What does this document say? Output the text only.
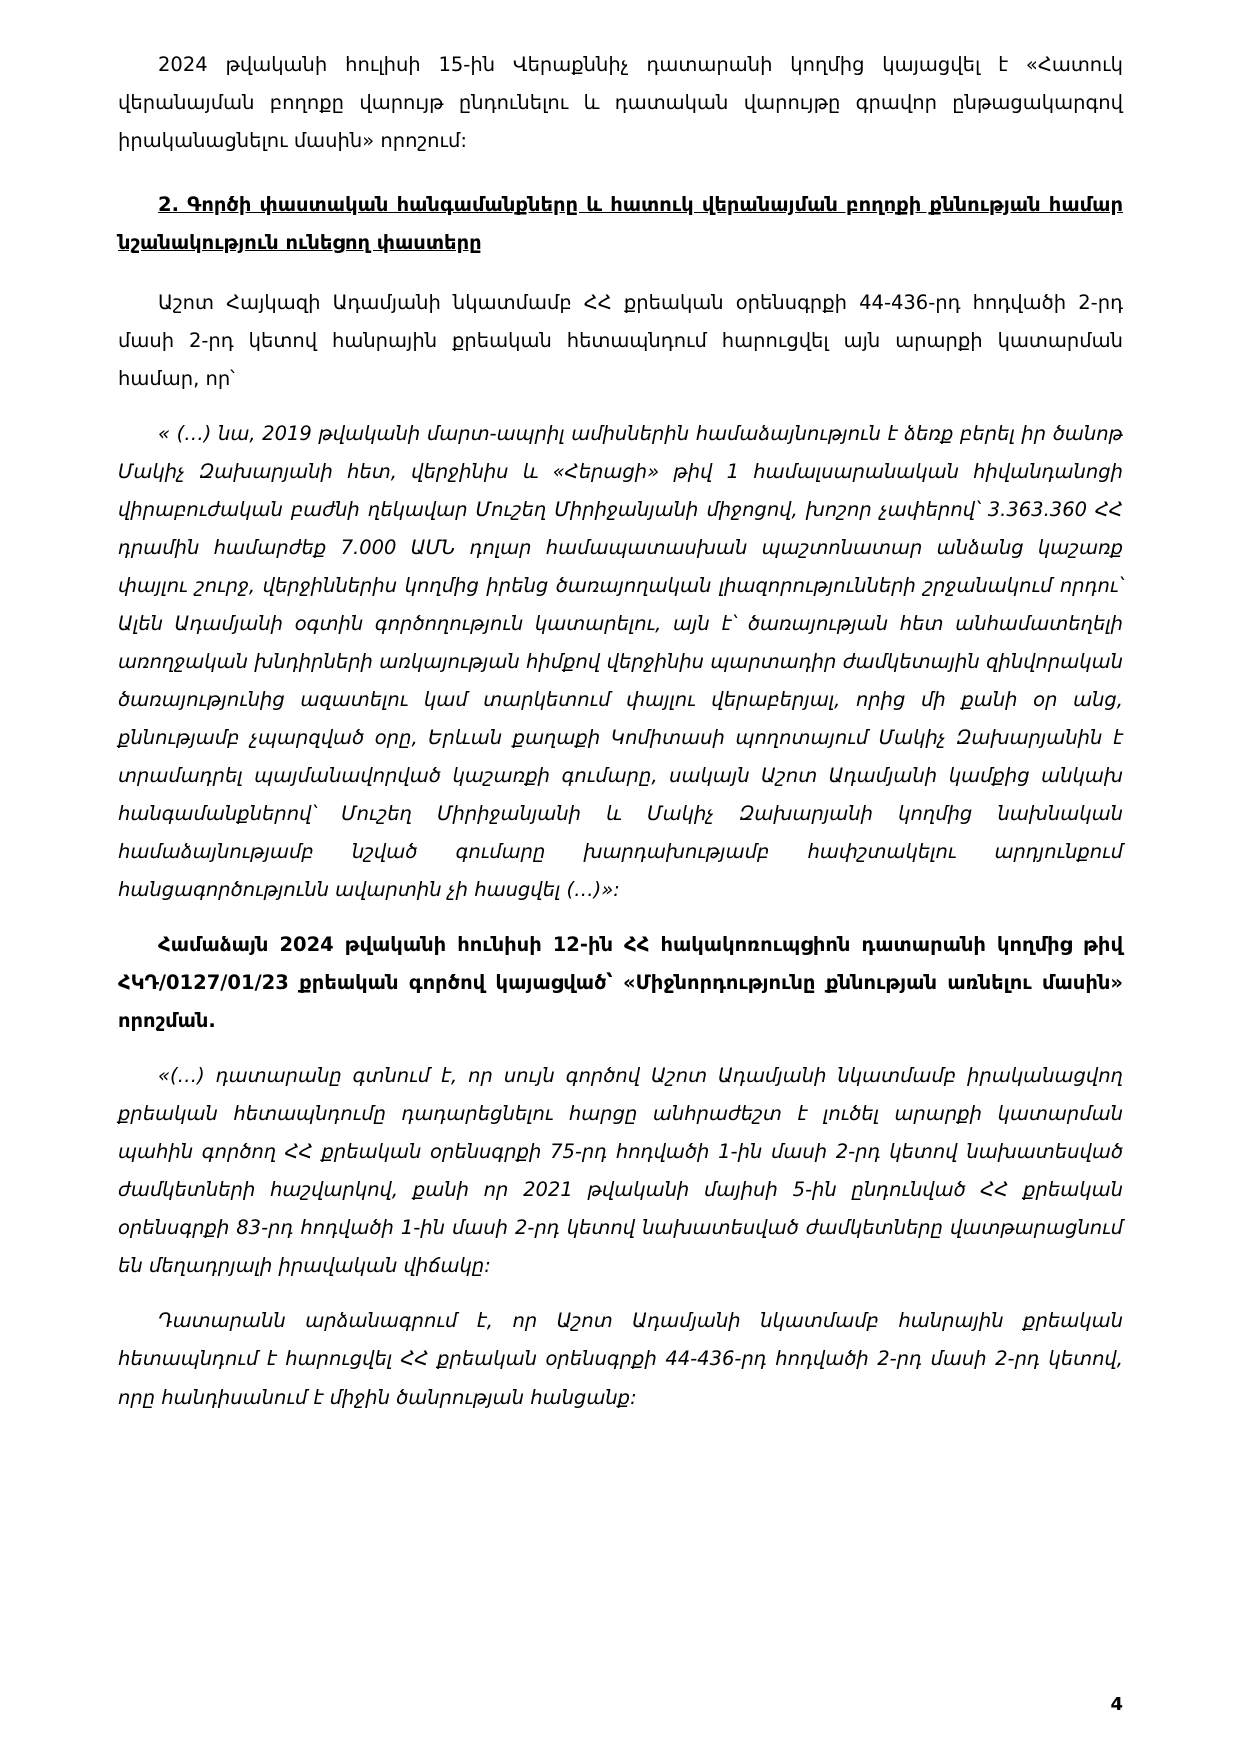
2024 թվականի հուլիսի 15-ին Վերաքննիչ դատարանի կողմից կայացվել է «Հատուկ վերանայման բողոքը վարույթ ընդունելու և դատական վարույթը գրավոր ընթացակարգով իրականացնելու մասին» որոշում:

2. Գործի փաստական հանգամանքները և հատուկ վերանայման բողոքի քննության համար նշանակություն ունեցող փաստերը

Աշոտ Հայկազի Ադամյանի նկատմամբ ՀՀ քրեական օրենսգրքի 44-436-րդ հոդվածի 2-րդ մասի 2-րդ կետով հանրային քրեական հետապնդում հարուցվել այն արարքի կատարման համար, որ՝

« (…) նա, 2019 թվականի մարտ-ապրիլ ամիսներին համաձայնություն է ձեռք բերել իր ծանոթ Մակիչ Զախարյանի հետ, վերջինիս և «Հերացի» թիվ 1 համալսարանական հիվանդանոցի վիրաբուժական բաժնի ղեկավար Մուշեղ Միրիջանյանի միջոցով, խոշոր չափերով՝ 3.363.360 ՀՀ դրամին համարժեք 7.000 ԱՄՆ դոլար համապատասխան պաշտոնատար անձանց կաշառք փայլու շուրջ, վերջիններիս կողմից իրենց ծառայողական լիազորությունների շրջանակում որդու՝ Ալեն Ադամյանի օգտին գործողություն կատարելու, այն է՝ ծառայության հետ անհամատեղելի առողջական խնդիրների առկայության հիմքով վերջինիս պարտադիր ժամկետային զինվորական ծառայությունից ազատելու կամ տարկետում փայլու վերաբերյալ, որից մի քանի օր անց, քննությամբ չպարզված օրը, Երևան քաղաքի Կոմիտասի պողոտայում Մակիչ Զախարյանին է տրամադրել պայմանավորված կաշառքի գումարը, սակայն Աշոտ Ադամյանի կամքից անկախ հանգամանքներով՝ Մուշեղ Միրիջանյանի և Մակիչ Զախարյանի կողմից նախնական համաձայնությամբ նշված գումարը խարդախությամբ հափշտակելու արդյունքում հանցագործությունն ավարտին չի հասցվել (…)»:

Համաձայն 2024 թվականի հունիսի 12-ին ՀՀ հակակոռուպցիոն դատարանի կողմից թիվ ՀԿԴ/0127/01/23 քրեական գործով կայացված՝ «Միջնորդությունը քննության առնելու մասին» որոշման.

«(…) դատարանը գտնում է, որ սույն գործով Աշոտ Ադամյանի նկատմամբ իրականացվող քրեական հետապնդումը դադարեցնելու հարցը անհրաժեշտ է լուծել արարքի կատարման պահին գործող ՀՀ քրեական օրենսգրքի 75-րդ հոդվածի 1-ին մասի 2-րդ կետով նախատեսված ժամկետների հաշվարկով, քանի որ 2021 թվականի մայիսի 5-ին ընդունված ՀՀ քրեական օրենսգրքի 83-րդ հոդվածի 1-ին մասի 2-րդ կետով նախատեսված ժամկետները վատթարացնում են մեղադրյալի իրավական վիճակը:

Դատարանն արձանագրում է, որ Աշոտ Ադամյանի նկատմամբ հանրային քրեական հետապնդում է հարուցվել ՀՀ քրեական օրենսգրքի 44-436-րդ հոդվածի 2-րդ մասի 2-րդ կետով, որը հանդիսանում է միջին ծանրության հանցանք:

4
